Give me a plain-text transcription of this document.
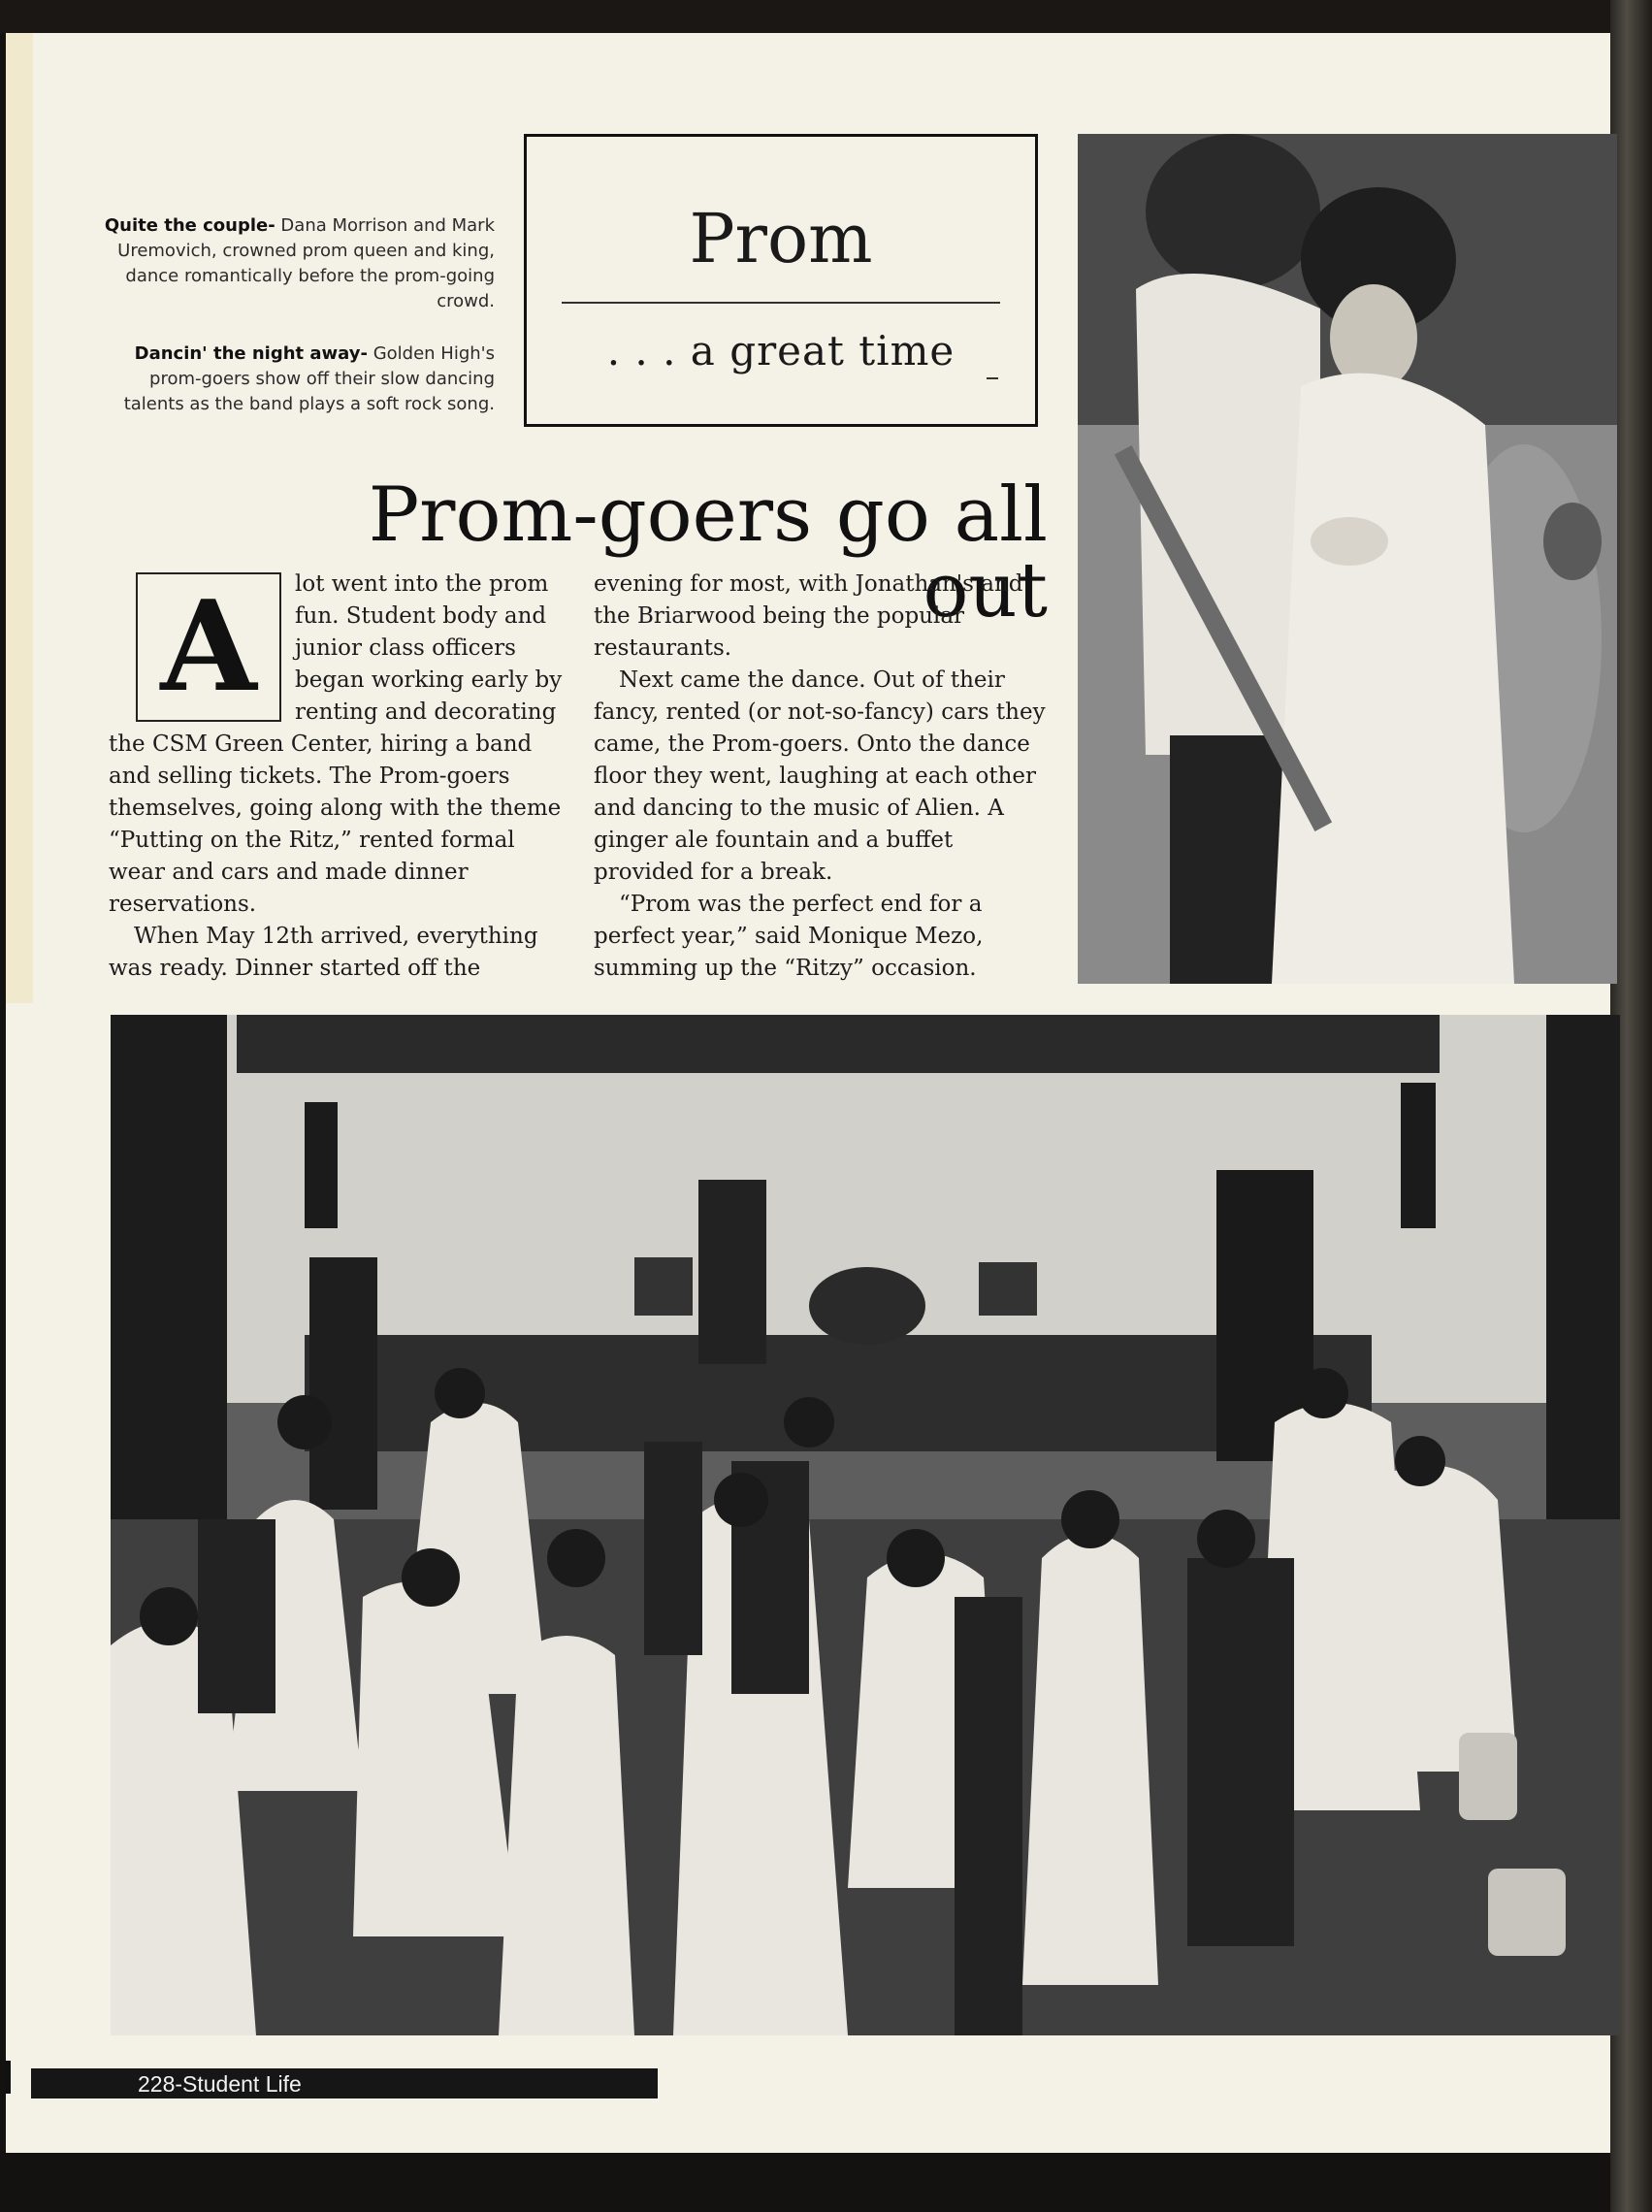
Quite the couple- Dana Morrison and Mark Uremovich, crowned prom queen and king, dance romantically before the prom-going crowd.

Dancin' the night away- Golden High's prom-goers show off their slow dancing talents as the band plays a soft rock song.

Prom
. . . a great time
Prom-goers go all out
A	lot went into the prom fun. Student body and junior class officers began working early by renting and decorating the CSM Green Center, hiring a band and selling tickets. The Prom-goers themselves, going along with the theme “Putting on the Ritz,” rented formal wear and cars and made dinner reservations.

When May 12th arrived, everything was ready. Dinner started off the

evening for most, with Jonathan's and the Briarwood being the popular restaurants.

Next came the dance. Out of their fancy, rented (or not-so-fancy) cars they came, the Prom-goers. Onto the dance floor they went, laughing at each other and dancing to the music of Alien. A ginger ale fountain and a buffet provided for a break.

“Prom was the perfect end for a perfect year,” said Monique Mezo, summing up the “Ritzy” occasion.

228-Student Life
